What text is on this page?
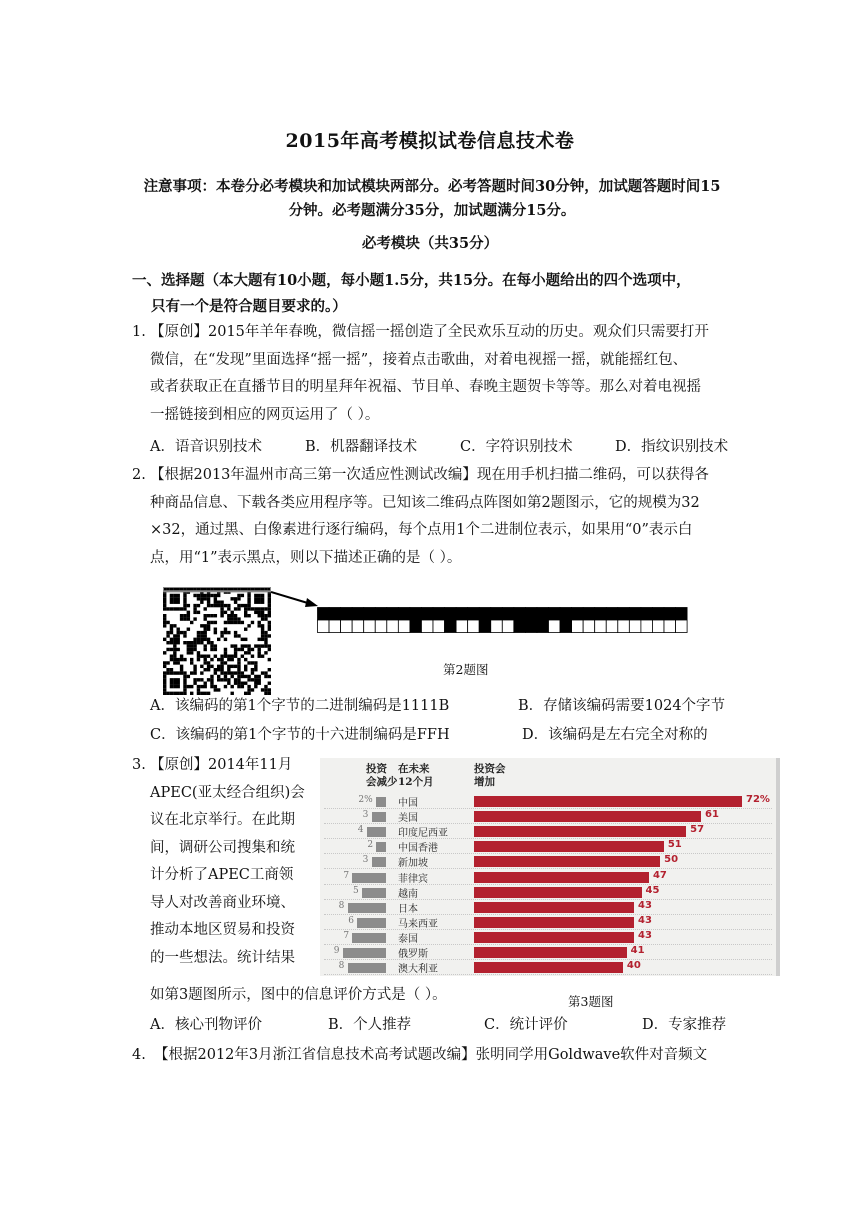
2015年高考模拟试卷信息技术卷
注意事项：本卷分必考模块和加试模块两部分。必考答题时间30分钟，加试题答题时间15
分钟。必考题满分35分，加试题满分15分。
必考模块（共35分）
一、选择题（本大题有10小题，每小题1.5分，共15分。在每小题给出的四个选项中，
只有一个是符合题目要求的。）
1. 【原创】2015年羊年春晚，微信摇一摇创造了全民欢乐互动的历史。观众们只需要打开
微信，在“发现”里面选择“摇一摇”，接着点击歌曲，对着电视摇一摇，就能摇红包、
或者获取正在直播节目的明星拜年祝福、节目单、春晚主题贺卡等等。那么对着电视摇
一摇链接到相应的网页运用了（ ）。
A．语音识别技术	B．机器翻译技术	C．字符识别技术	D．指纹识别技术
2. 【根据2013年温州市高三第一次适应性测试改编】现在用手机扫描二维码，可以获得各
种商品信息、下载各类应用程序等。已知该二维码点阵图如第2题图示，它的规模为32
×32，通过黑、白像素进行逐行编码，每个点用1个二进制位表示，如果用“0”表示白
点，用“1”表示黑点，则以下描述正确的是（ ）。
第2题图
A．该编码的第1个字节的二进制编码是1111B	B．存储该编码需要1024个字节
C．该编码的第1个字节的十六进制编码是FFH	D．该编码是左右完全对称的
3. 【原创】2014年11月
APEC(亚太经合组织)会
议在北京举行。在此期
间，调研公司搜集和统
计分析了APEC工商领
导人对改善商业环境、
推动本地区贸易和投资
的一些想法。统计结果
如第3题图所示，图中的信息评价方式是（ ）。
投资
会减少
在未来
12个月
投资会
增加
2%	中国	72%
3	美国	61
4	印度尼西亚	57
2 中国香港	51
3	新加坡	50
7	菲律宾	47
5	越南	45
8	日本	43
6	马来西亚	43
7	泰国	43
9	俄罗斯	41
8	澳大利亚	40
第3题图
A．核心刊物评价	B．个人推荐	C．统计评价	D．专家推荐
4. 【根据2012年3月浙江省信息技术高考试题改编】张明同学用Goldwave软件对音频文
